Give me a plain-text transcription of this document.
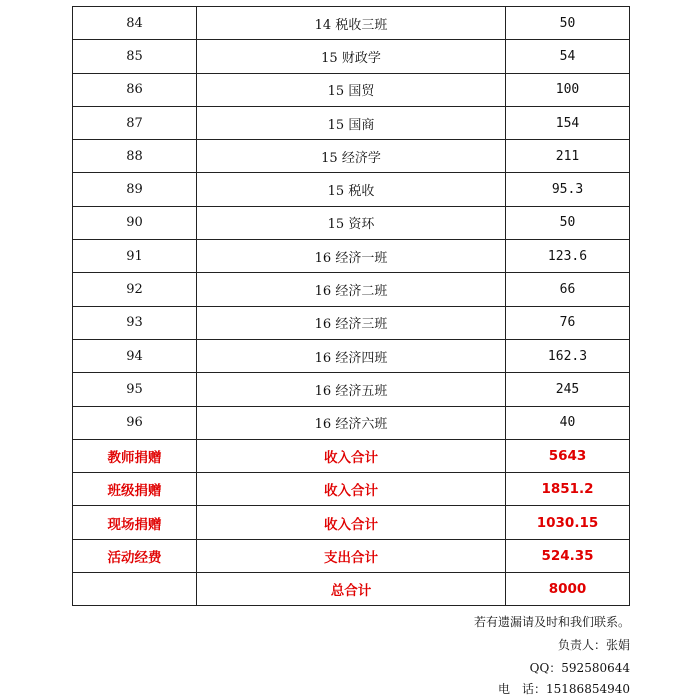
84	14 税收三班	50
85	15 财政学	54
86	15 国贸	100
87	15 国商	154
88	15 经济学	211
89	15 税收	95.3
90	15 资环	50
91	16 经济一班	123.6
92	16 经济二班	66
93	16 经济三班	76
94	16 经济四班	162.3
95	16 经济五班	245
96	16 经济六班	40
教师捐赠	收入合计	5643
班级捐赠	收入合计	1851.2
现场捐赠	收入合计	1030.15
活动经费	支出合计	524.35
	总合计	8000
若有遗漏请及时和我们联系。
负责人：张娟
QQ：592580644
电　话：15186854940
